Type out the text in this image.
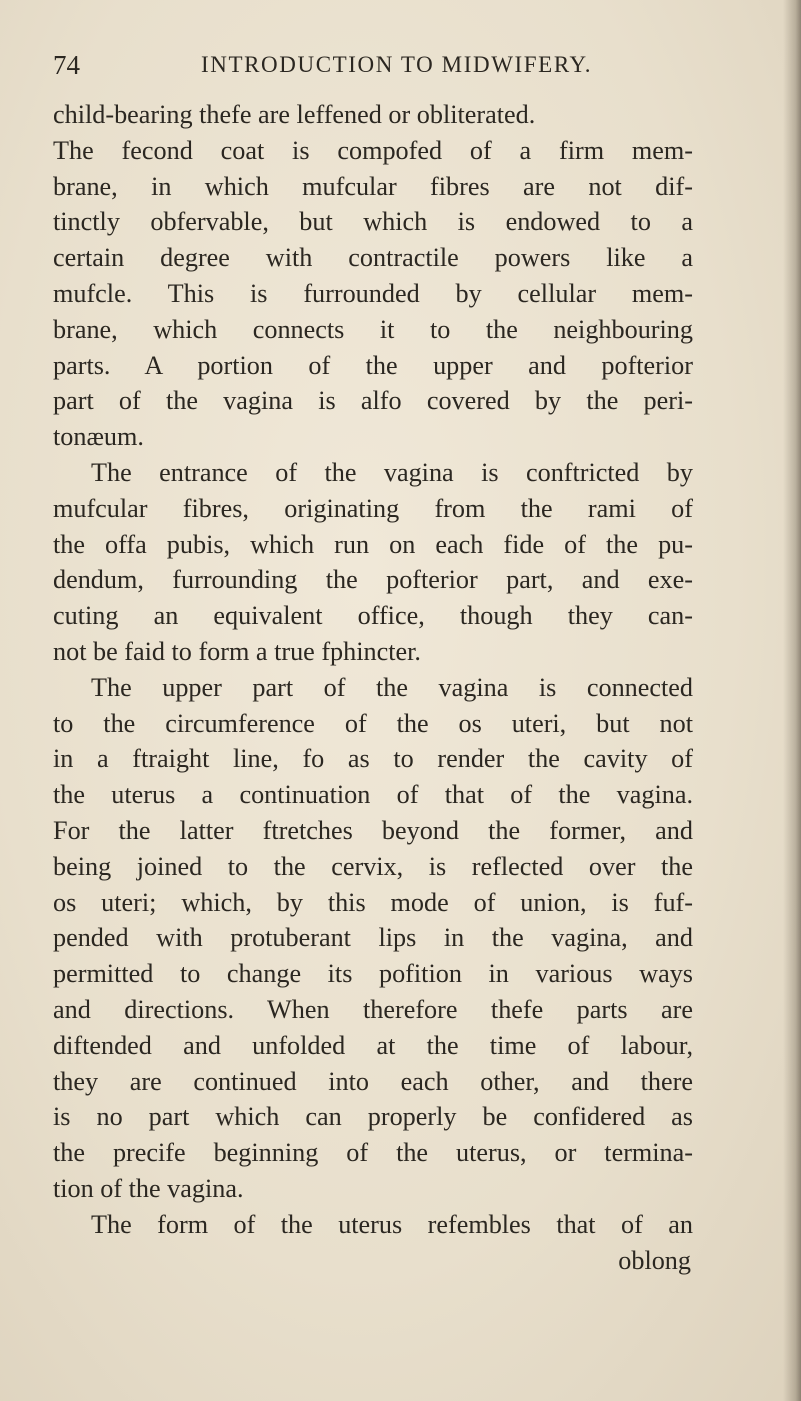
74	INTRODUCTION TO MIDWIFERY.
child-bearing thefe are leffened or obliterated.
The fecond coat is compofed of a firm mem-
brane, in which mufcular fibres are not dif-
tinctly obfervable, but which is endowed to a
certain degree with contractile powers like a
mufcle. This is furrounded by cellular mem-
brane, which connects it to the neighbouring
parts. A portion of the upper and pofterior
part of the vagina is alfo covered by the peri-
tonæum.
The entrance of the vagina is conftricted by
mufcular fibres, originating from the rami of
the offa pubis, which run on each fide of the pu-
dendum, furrounding the pofterior part, and exe-
cuting an equivalent office, though they can-
not be faid to form a true fphincter.
The upper part of the vagina is connected
to the circumference of the os uteri, but not
in a ftraight line, fo as to render the cavity of
the uterus a continuation of that of the vagina.
For the latter ftretches beyond the former, and
being joined to the cervix, is reflected over the
os uteri; which, by this mode of union, is fuf-
pended with protuberant lips in the vagina, and
permitted to change its pofition in various ways
and directions. When therefore thefe parts are
diftended and unfolded at the time of labour,
they are continued into each other, and there
is no part which can properly be confidered as
the precife beginning of the uterus, or termina-
tion of the vagina.
The form of the uterus refembles that of an
oblong
